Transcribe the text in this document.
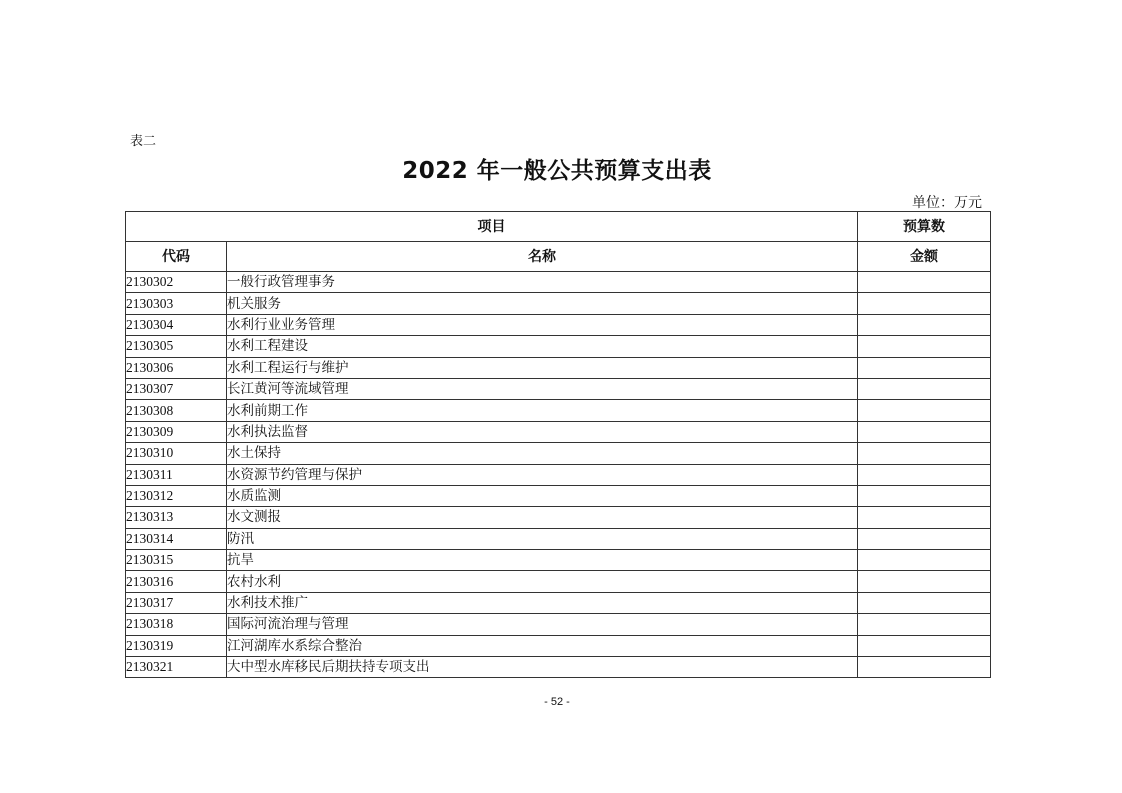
表二
2022 年一般公共预算支出表
单位：万元
项目		预算数
代码	名称	金额
2130302	一般行政管理事务	
2130303	机关服务	
2130304	水利行业业务管理	
2130305	水利工程建设	
2130306	水利工程运行与维护	
2130307	长江黄河等流域管理	
2130308	水利前期工作	
2130309	水利执法监督	
2130310	水土保持	
2130311	水资源节约管理与保护	
2130312	水质监测	
2130313	水文测报	
2130314	防汛	
2130315	抗旱	
2130316	农村水利	
2130317	水利技术推广	
2130318	国际河流治理与管理	
2130319	江河湖库水系综合整治	
2130321	大中型水库移民后期扶持专项支出	
- 52 -
